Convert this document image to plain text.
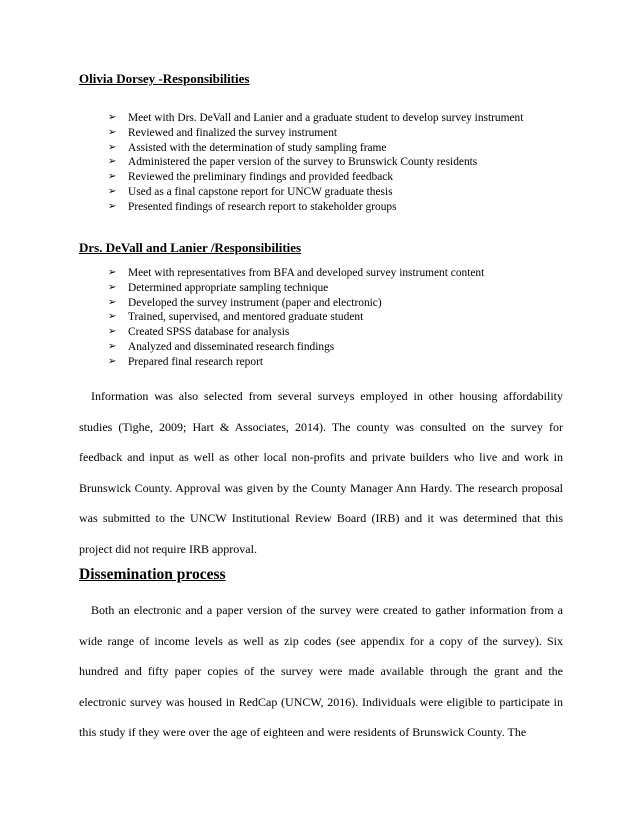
Olivia Dorsey -Responsibilities
➢ Meet with Drs. DeVall and Lanier and a graduate student to develop survey instrument
➢ Reviewed and finalized the survey instrument
➢ Assisted with the determination of study sampling frame
➢ Administered the paper version of the survey to Brunswick County residents
➢ Reviewed the preliminary findings and provided feedback
➢ Used as a final capstone report for UNCW graduate thesis
➢ Presented findings of research report to stakeholder groups
Drs. DeVall and Lanier /Responsibilities
➢ Meet with representatives from BFA and developed survey instrument content
➢ Determined appropriate sampling technique
➢ Developed the survey instrument (paper and electronic)
➢ Trained, supervised, and mentored graduate student
➢ Created SPSS database for analysis
➢ Analyzed and disseminated research findings
➢ Prepared final research report

Information was also selected from several surveys employed in other housing affordability studies (Tighe, 2009; Hart & Associates, 2014). The county was consulted on the survey for feedback and input as well as other local non-profits and private builders who live and work in Brunswick County. Approval was given by the County Manager Ann Hardy. The research proposal was submitted to the UNCW Institutional Review Board (IRB) and it was determined that this project did not require IRB approval.

Dissemination process

Both an electronic and a paper version of the survey were created to gather information from a wide range of income levels as well as zip codes (see appendix for a copy of the survey). Six hundred and fifty paper copies of the survey were made available through the grant and the electronic survey was housed in RedCap (UNCW, 2016). Individuals were eligible to participate in this study if they were over the age of eighteen and were residents of Brunswick County. The
